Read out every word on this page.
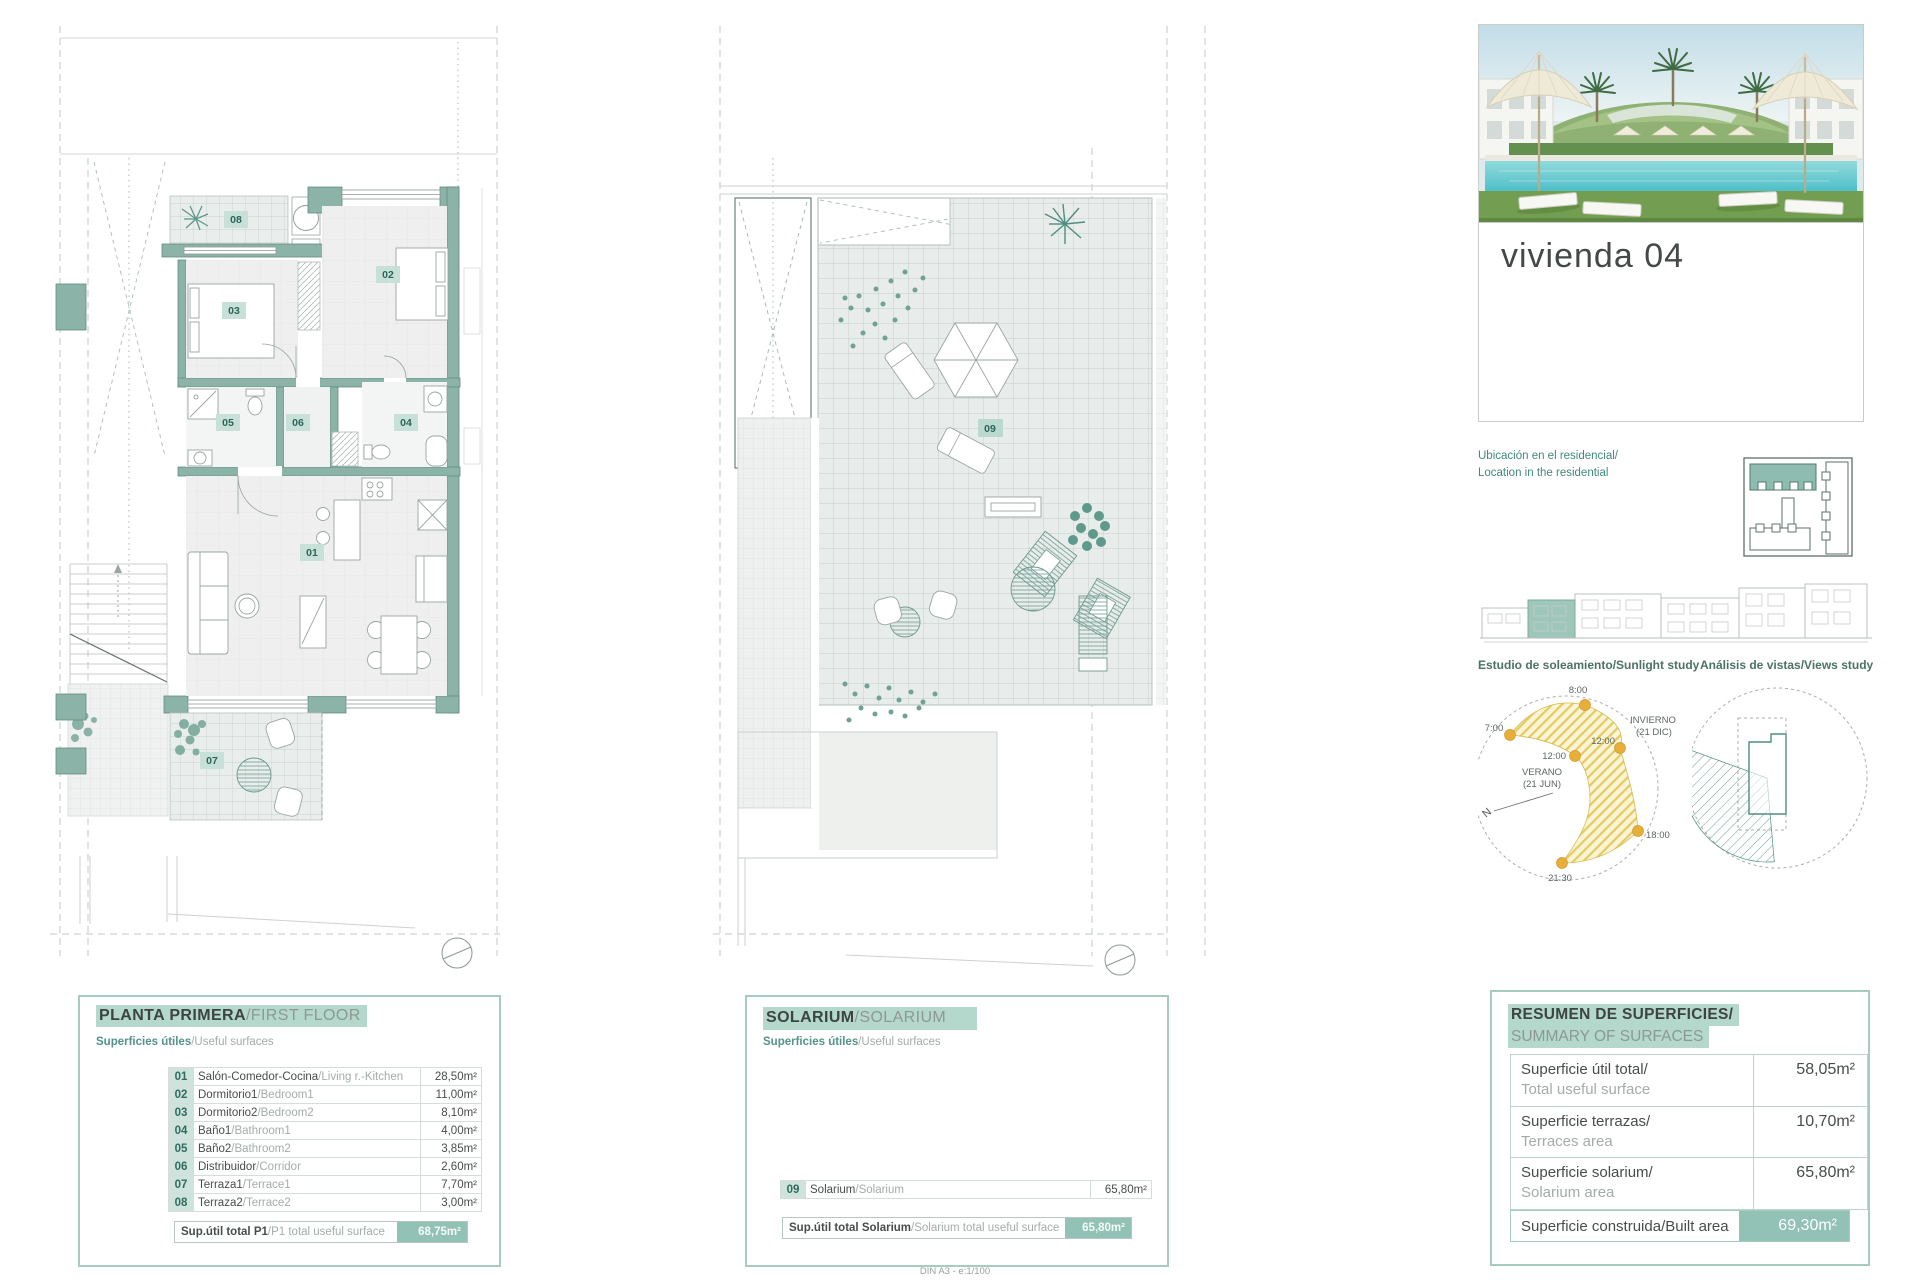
08
02
03
05	06	04
01
07
09
vivienda 04
Ubicación en el residencial/
Location in the residential
Estudio de soleamiento/Sunlight study Análisis de vistas/Views study
8:00
7:00
12:00
VERANO
(21 JUN)
INVIERNO
(21 DIC)
12:00
18:00
21:30
N
PLANTA PRIMERA/FIRST FLOOR
Superficies útiles/Useful surfaces
01	Salón-Comedor-Cocina/Living r.-Kitchen	28,50m²
02	Dormitorio1/Bedroom1	11,00m²
03	Dormitorio2/Bedroom2	8,10m²
04	Baño1/Bathroom1	4,00m²
05	Baño2/Bathroom2	3,85m²
06	Distribuidor/Corridor	2,60m²
07	Terraza1/Terrace1	7,70m²
08	Terraza2/Terrace2	3,00m²
Sup.útil total P1/P1 total useful surface	68,75m²
SOLARIUM/SOLARIUM
Superficies útiles/Useful surfaces
09	Solarium/Solarium	65,80m²
Sup.útil total Solarium/Solarium total useful surface	65,80m²
DIN A3 - e:1/100
RESUMEN DE SUPERFICIES/
SUMMARY OF SURFACES
Superficie útil total/
Total useful surface	58,05m²

Superficie terrazas/
Terraces area	10,70m²

Superficie solarium/
Solarium area	65,80m²
Superficie construida/Built area	69,30m²
